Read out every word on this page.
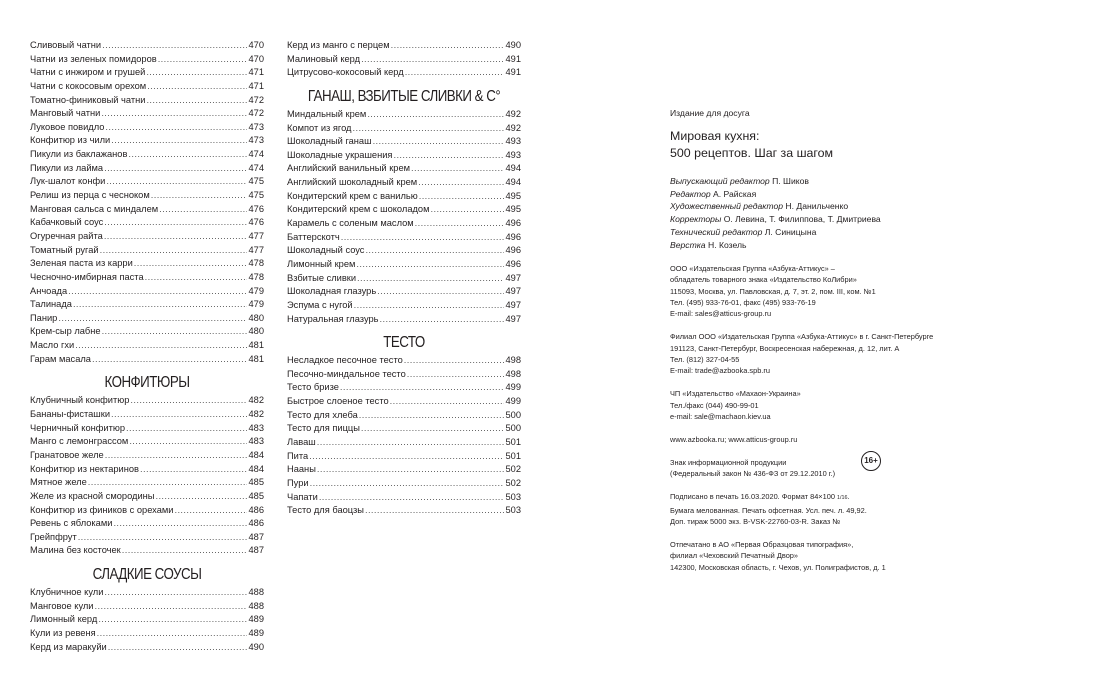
Сливовый чатни .....	470
Чатни из зеленых помидоров .....	470
Чатни с инжиром и грушей .....	471
Чатни с кокосовым орехом .....	471
Томатно-финиковый чатни .....	472
Манговый чатни .....	472
Луковое повидло .....	473
Конфитюр из чили .....	473
Пикули из баклажанов .....	474
Пикули из лайма .....	474
Лук-шалот конфи .....	475
Релиш из перца с чесноком .....	475
Манговая сальса с миндалем .....	476
Кабачковый соус .....	476
Огуречная райта .....	477
Томатный ругай .....	477
Зеленая паста из карри .....	478
Чесночно-имбирная паста .....	478
Анчоада .....	479
Талинада .....	479
Панир .....	480
Крем-сыр лабне .....	480
Масло гхи .....	481
Гарам масала .....	481
КОНФИТЮРЫ
Клубничный конфитюр .....	482
Бананы-фисташки .....	482
Черничный конфитюр .....	483
Манго с лемонграссом .....	483
Гранатовое желе .....	484
Конфитюр из нектаринов .....	484
Мятное желе .....	485
Желе из красной смородины .....	485
Конфитюр из фиников с орехами .....	486
Ревень с яблоками .....	486
Грейпфрут .....	487
Малина без косточек .....	487
СЛАДКИЕ СОУСЫ
Клубничное кули .....	488
Манговое кули .....	488
Лимонный керд .....	489
Кули из ревеня .....	489
Керд из маракуйи .....	490
Керд из манго с перцем .....	490
Малиновый керд .....	491
Цитрусово-кокосовый керд .....	491
ГАНАШ, ВЗБИТЫЕ СЛИВКИ & C°
Миндальный крем .....	492
Компот из ягод .....	492
Шоколадный ганаш .....	493
Шоколадные украшения .....	493
Английский ванильный крем .....	494
Английский шоколадный крем .....	494
Кондитерский крем с ванилью .....	495
Кондитерский крем с шоколадом .....	495
Карамель с соленым маслом .....	496
Баттерскотч .....	496
Шоколадный соус .....	496
Лимонный крем .....	496
Взбитые сливки .....	497
Шоколадная глазурь .....	497
Эспума с нугой .....	497
Натуральная глазурь .....	497
ТЕСТО
Несладкое песочное тесто .....	498
Песочно-миндальное тесто .....	498
Тесто бризе .....	499
Быстрое слоеное тесто .....	499
Тесто для хлеба .....	500
Тесто для пиццы .....	500
Лаваш .....	501
Пита .....	501
Нааны .....	502
Пури .....	502
Чапати .....	503
Тесто для баоцзы .....	503
Издание для досуга
Мировая кухня:
500 рецептов. Шаг за шагом
Выпускающий редактор П. Шиков
Редактор А. Райская
Художественный редактор Н. Данильченко
Корректоры О. Левина, Т. Филиппова, Т. Дмитриева
Технический редактор Л. Синицына
Верстка Н. Козель
ООО «Издательская Группа «Азбука-Аттикус» –
обладатель товарного знака «Издательство КоЛибри»
115093, Москва, ул. Павловская, д. 7, эт. 2, пом. III, ком. №1
Тел. (495) 933-76-01, факс (495) 933-76-19
E-mail: sales@atticus-group.ru
Филиал ООО «Издательская Группа «Азбука-Аттикус» в г. Санкт-Петербурге
191123, Санкт-Петербург, Воскресенская набережная, д. 12, лит. А
Тел. (812) 327-04-55
E-mail: trade@azbooka.spb.ru
ЧП «Издательство «Махаон-Украина»
Тел./факс (044) 490-99-01
e-mail: sale@machaon.kiev.ua
www.azbooka.ru; www.atticus-group.ru
Знак информационной продукции
(Федеральный закон № 436-ФЗ от 29.12.2010 г.)
16+
Подписано в печать 16.03.2020. Формат 84×100 1/16.
Бумага мелованная. Печать офсетная. Усл. печ. л. 49,92.
Доп. тираж 5000 экз. B-VSK-22760-03-R. Заказ №
Отпечатано в АО «Первая Образцовая типография»,
филиал «Чеховский Печатный Двор»
142300, Московская область, г. Чехов, ул. Полиграфистов, д. 1
